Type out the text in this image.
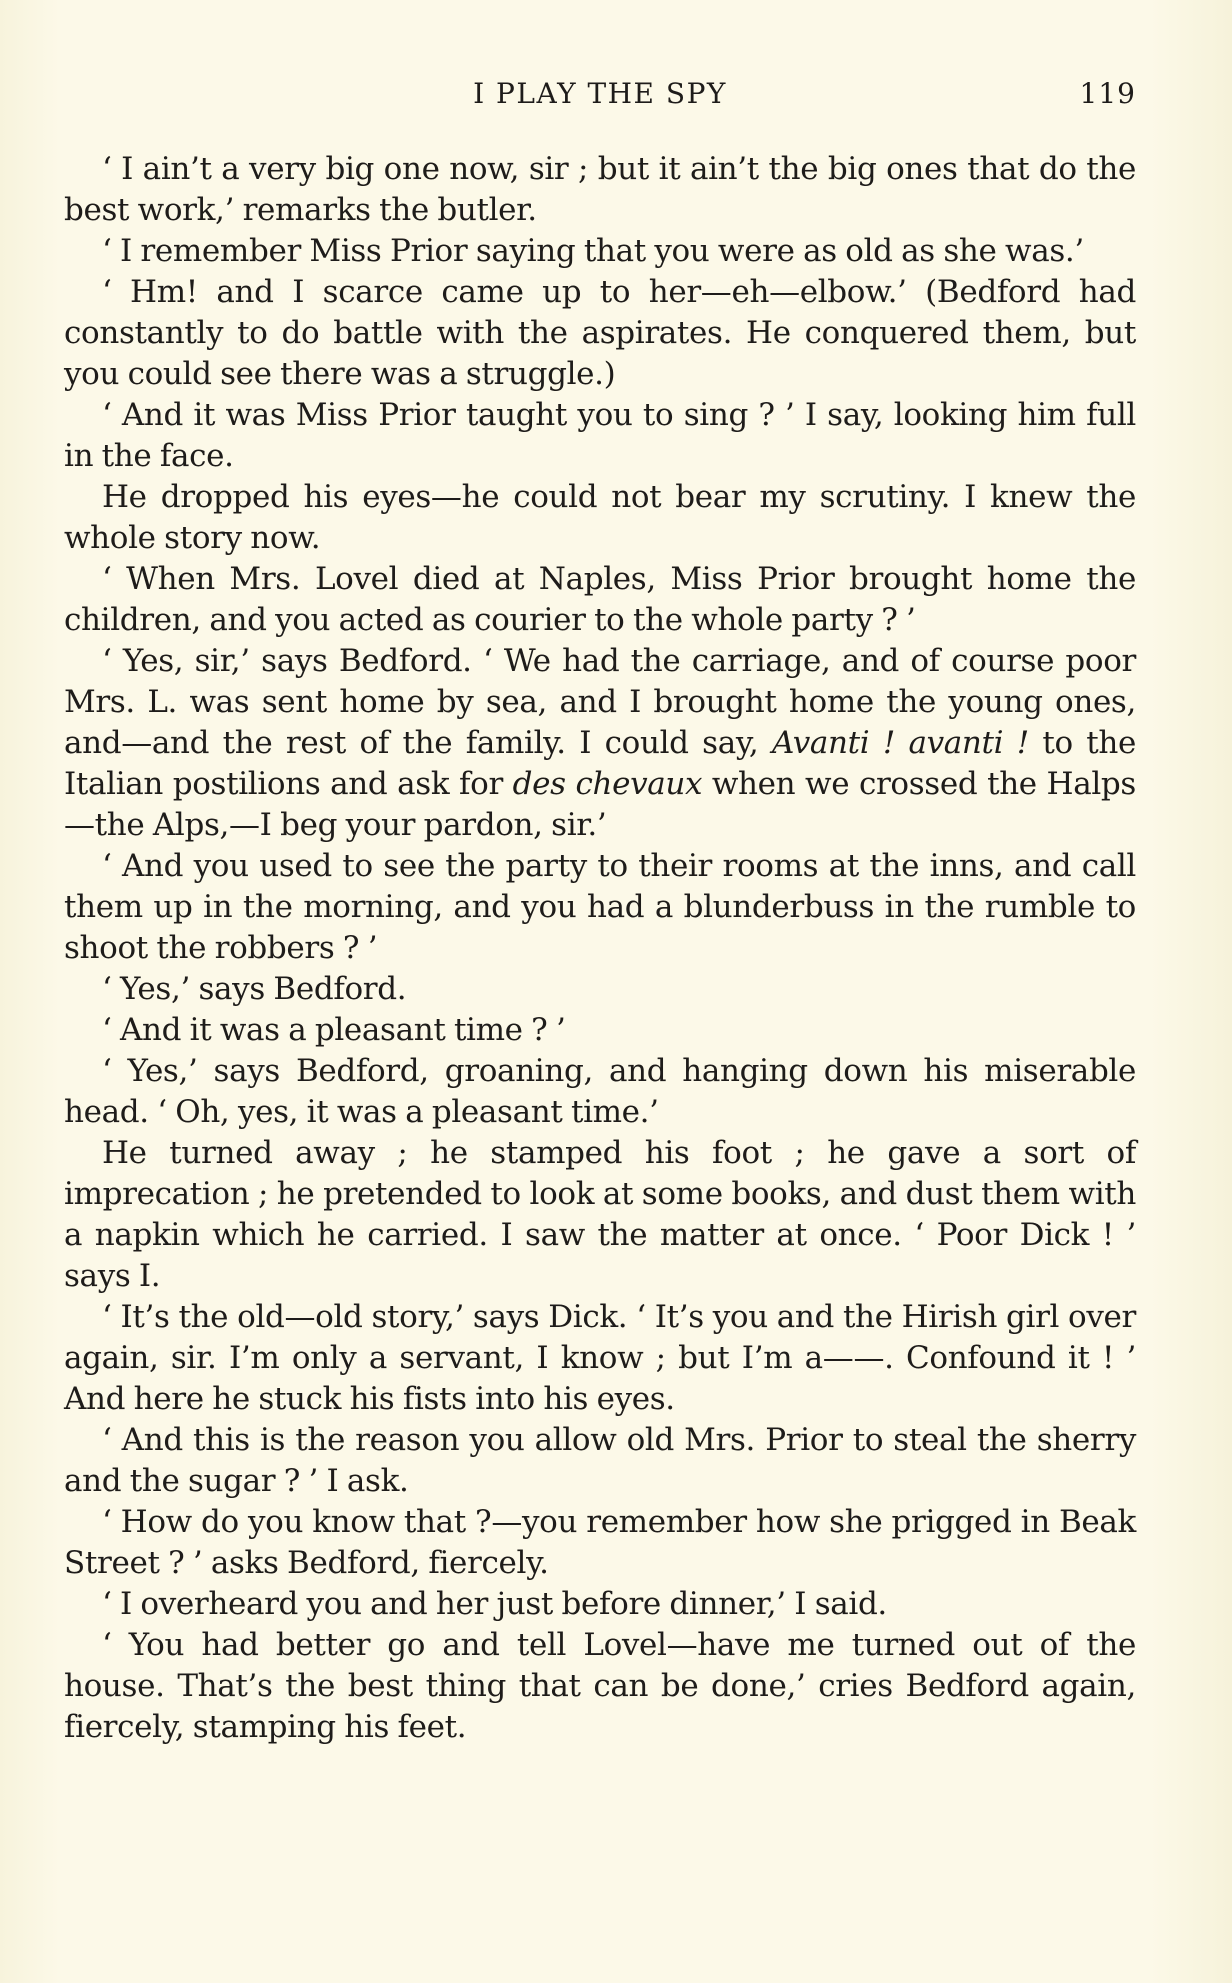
I PLAY THE SPY	119

‘ I ain’t a very big one now, sir ; but it ain’t the big ones that do the best work,’ remarks the butler.

‘ I remember Miss Prior saying that you were as old as she was.’

‘ Hm! and I scarce came up to her—eh—elbow.’ (Bedford had constantly to do battle with the aspirates. He conquered them, but you could see there was a struggle.)

‘ And it was Miss Prior taught you to sing ? ’ I say, looking him full in the face.

He dropped his eyes—he could not bear my scrutiny. I knew the whole story now.

‘ When Mrs. Lovel died at Naples, Miss Prior brought home the children, and you acted as courier to the whole party ? ’

‘ Yes, sir,’ says Bedford. ‘ We had the carriage, and of course poor Mrs. L. was sent home by sea, and I brought home the young ones, and—and the rest of the family. I could say, Avanti ! avanti ! to the Italian postilions and ask for des chevaux when we crossed the Halps—the Alps,—I beg your pardon, sir.’

‘ And you used to see the party to their rooms at the inns, and call them up in the morning, and you had a blunderbuss in the rumble to shoot the robbers ? ’

‘ Yes,’ says Bedford.

‘ And it was a pleasant time ? ’

‘ Yes,’ says Bedford, groaning, and hanging down his miserable head. ‘ Oh, yes, it was a pleasant time.’

He turned away ; he stamped his foot ; he gave a sort of imprecation ; he pretended to look at some books, and dust them with a napkin which he carried. I saw the matter at once. ‘ Poor Dick ! ’ says I.

‘ It’s the old—old story,’ says Dick. ‘ It’s you and the Hirish girl over again, sir. I’m only a servant, I know ; but I’m a——. Confound it ! ’ And here he stuck his fists into his eyes.

‘ And this is the reason you allow old Mrs. Prior to steal the sherry and the sugar ? ’ I ask.

‘ How do you know that ?—you remember how she prigged in Beak Street ? ’ asks Bedford, fiercely.

‘ I overheard you and her just before dinner,’ I said.

‘ You had better go and tell Lovel—have me turned out of the house. That’s the best thing that can be done,’ cries Bedford again, fiercely, stamping his feet.
